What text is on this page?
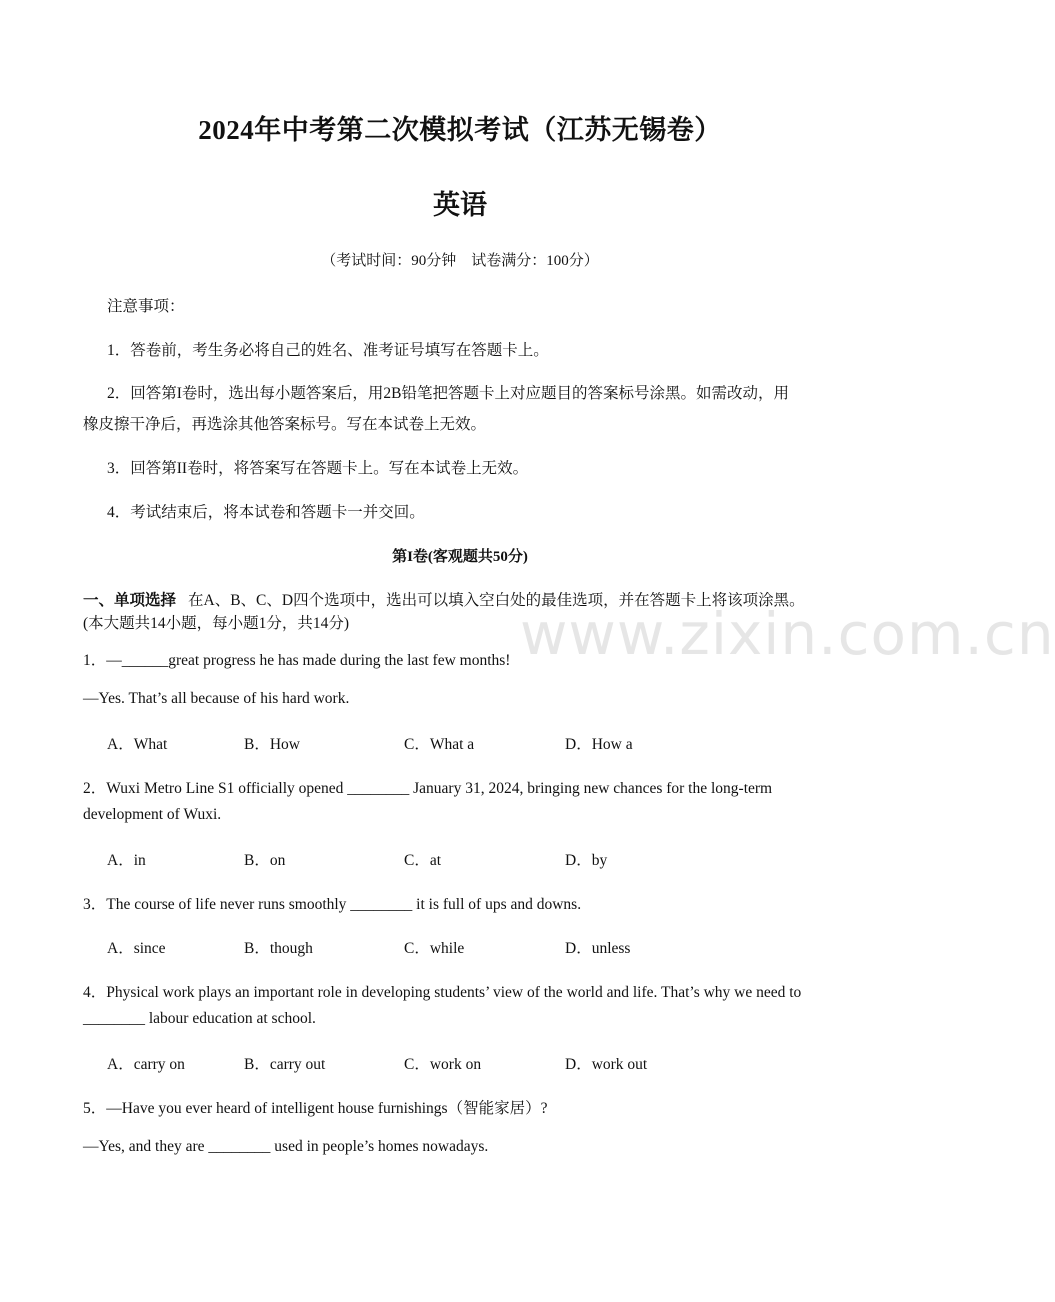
www.zixin.com.cn
2024年中考第二次模拟考试（江苏无锡卷）
英语
（考试时间：90分钟　试卷满分：100分）
注意事项：
1．答卷前，考生务必将自己的姓名、准考证号填写在答题卡上。
2．回答第I卷时，选出每小题答案后，用2B铅笔把答题卡上对应题目的答案标号涂黑。如需改动，用
橡皮擦干净后，再选涂其他答案标号。写在本试卷上无效。
3．回答第II卷时，将答案写在答题卡上。写在本试卷上无效。
4．考试结束后，将本试卷和答题卡一并交回。
第I卷(客观题共50分)
一、单项选择 在A、B、C、D四个选项中，选出可以填入空白处的最佳选项，并在答题卡上将该项涂黑。
(本大题共14小题，每小题1分，共14分)
1．—______great progress he has made during the last few months!
—Yes. That’s all because of his hard work.
A．What	B．How	C．What a	D．How a
2．Wuxi Metro Line S1 officially opened ________ January 31, 2024, bringing new chances for the long-term
development of Wuxi.
A．in	B．on	C．at	D．by
3．The course of life never runs smoothly ________ it is full of ups and downs.
A．since	B．though	C．while	D．unless
4．Physical work plays an important role in developing students’ view of the world and life. That’s why we need to
________ labour education at school.
A．carry on	B．carry out	C．work on	D．work out
5．—Have you ever heard of intelligent house furnishings（智能家居）?
—Yes, and they are ________ used in people’s homes nowadays.
